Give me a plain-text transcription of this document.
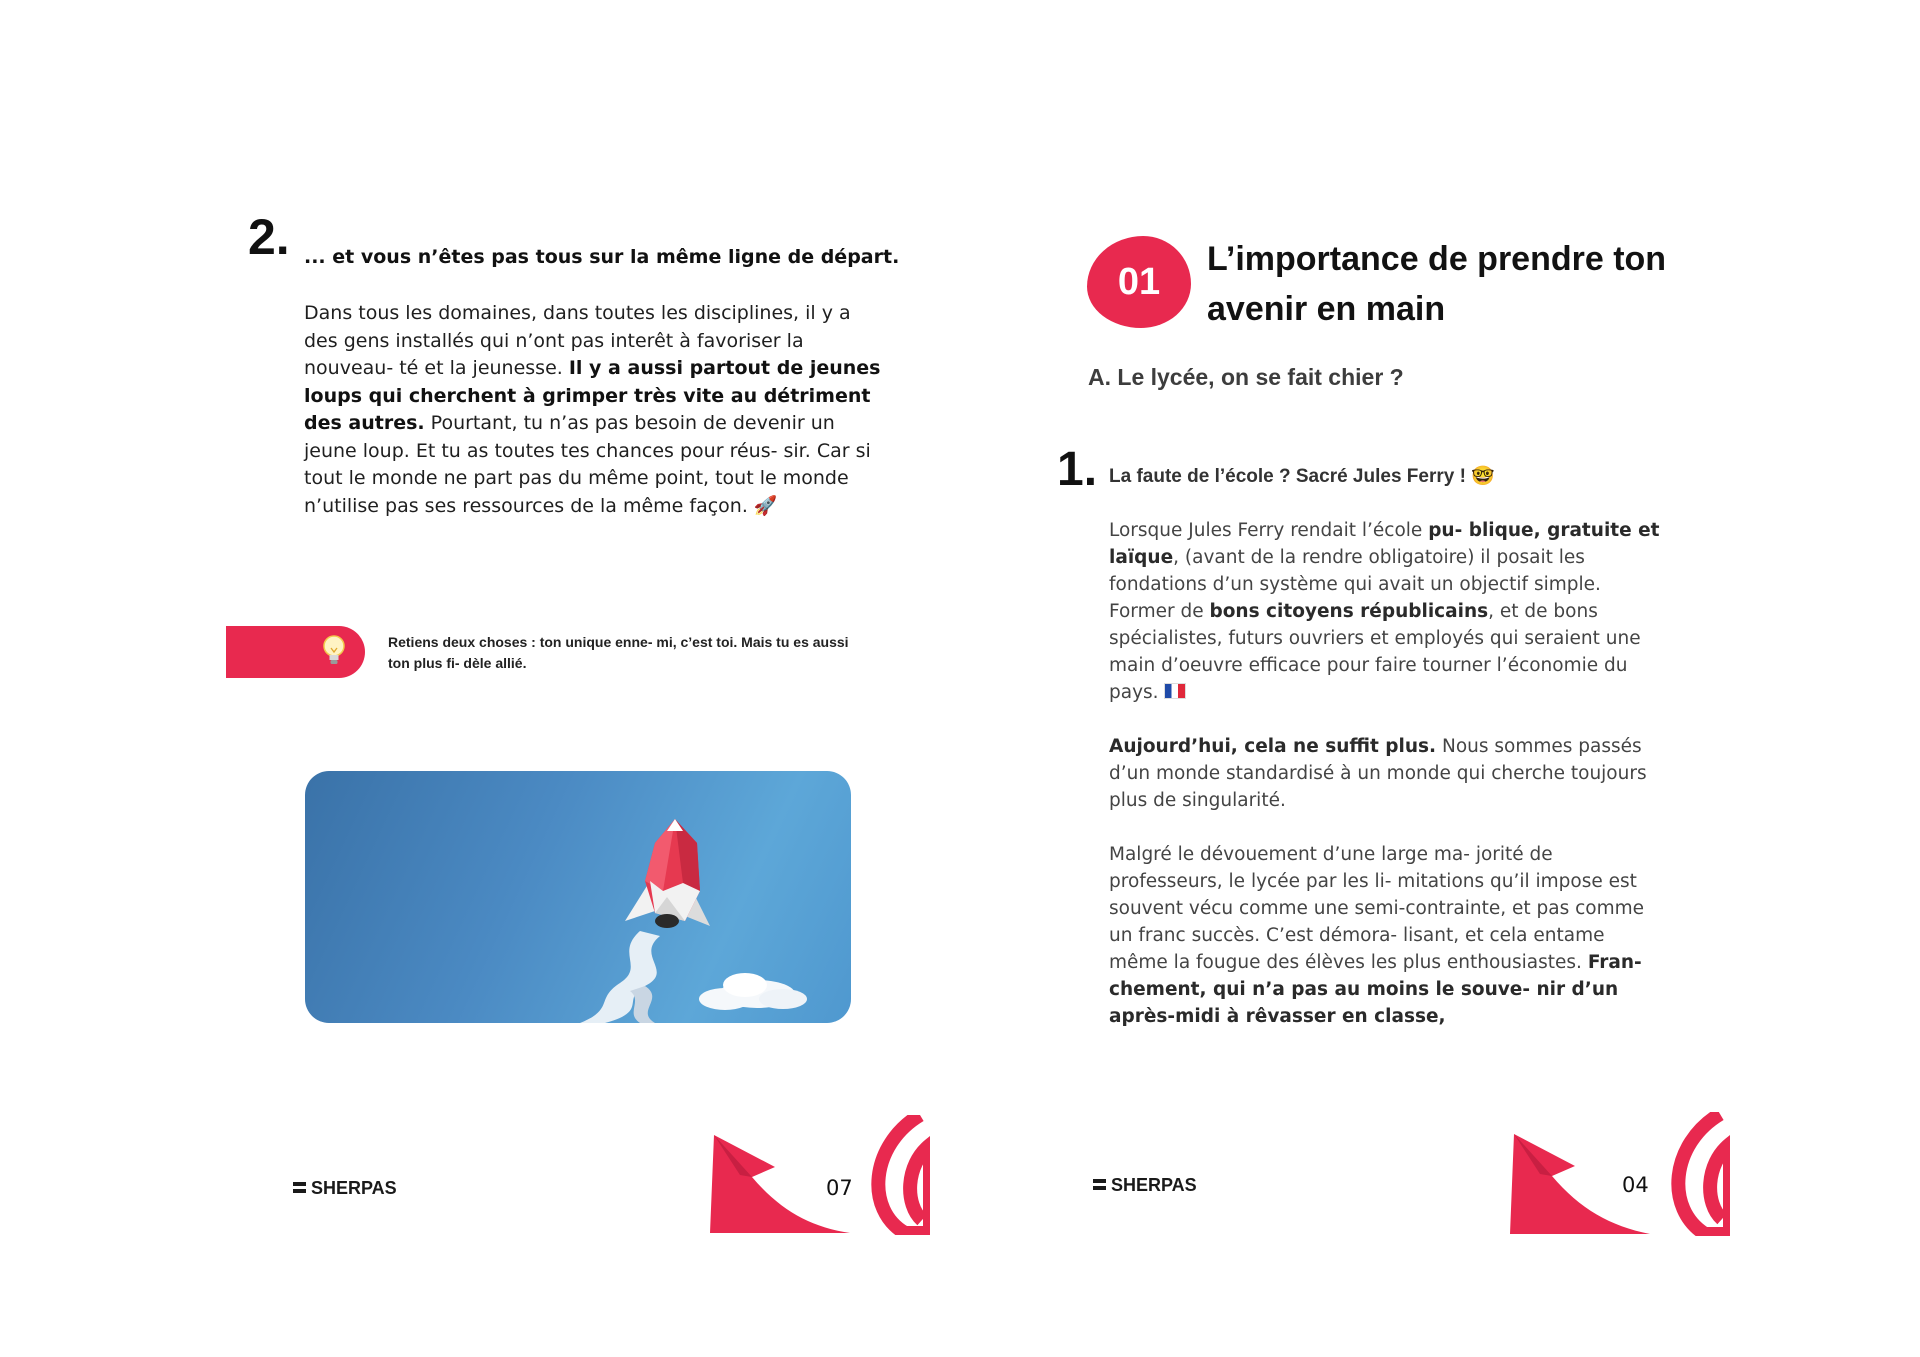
2. ... et vous n’êtes pas tous sur la même ligne de départ.
Dans tous les domaines, dans toutes les disciplines, il y a des gens installés qui n’ont pas interêt à favoriser la nouveau- té et la jeunesse. Il y a aussi partout de jeunes loups qui cherchent à grimper très vite au détriment des autres. Pourtant, tu n’as pas besoin de devenir un jeune loup. Et tu as toutes tes chances pour réus- sir. Car si tout le monde ne part pas du même point, tout le monde n’utilise pas ses ressources de la même façon. 🚀
Retiens deux choses : ton unique enne- mi, c’est toi. Mais tu es aussi ton plus fi- dèle allié.
SHERPAS	07
01
L’importance de prendre ton avenir en main
A. Le lycée, on se fait chier ?
1. La faute de l’école ? Sacré Jules Ferry ! 🤓

Lorsque Jules Ferry rendait l’école pu- blique, gratuite et laïque, (avant de la rendre obligatoire) il posait les fondations d’un système qui avait un objectif simple. Former de bons citoyens républicains, et de bons spécialistes, futurs ouvriers et employés qui seraient une main d’oeuvre efficace pour faire tourner l’économie du pays.

Aujourd’hui, cela ne suffit plus. Nous sommes passés d’un monde standardisé à un monde qui cherche toujours plus de singularité.

Malgré le dévouement d’une large ma- jorité de professeurs, le lycée par les li- mitations qu’il impose est souvent vécu comme une semi-contrainte, et pas comme un franc succès. C’est démora- lisant, et cela entame même la fougue des élèves les plus enthousiastes. Fran- chement, qui n’a pas au moins le souve- nir d’un après-midi à rêvasser en classe,

SHERPAS	04
